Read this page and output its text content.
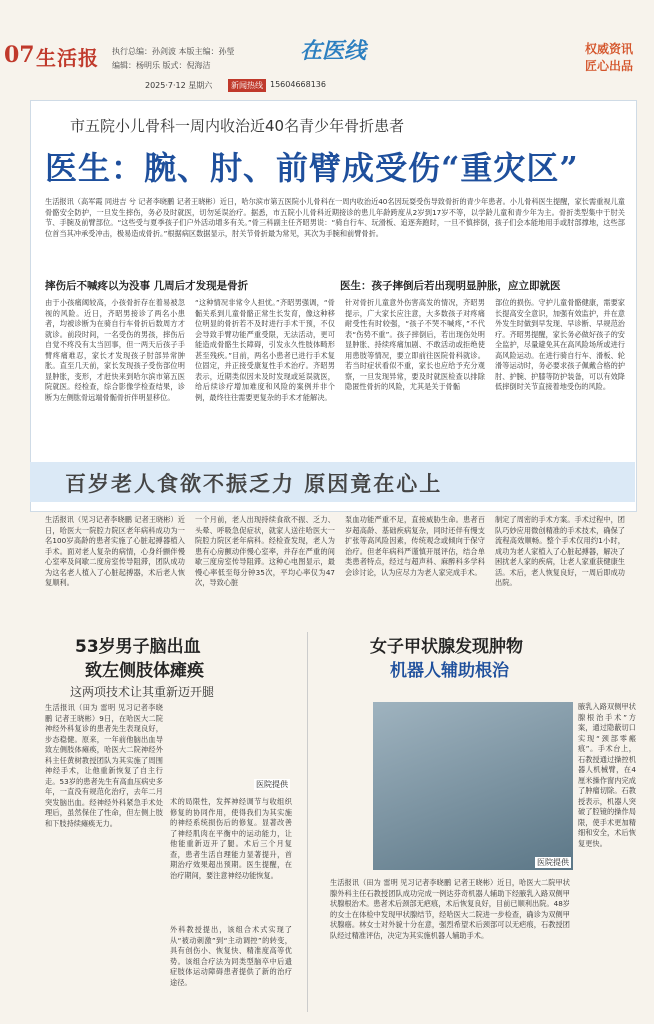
07 生活报 执行总编：孙剑波 本版主编：孙瑩
编辑：杨明乐 版式：倪海洁
在医线	权威资讯
匠心出品
2025·7·12 星期六	新闻热线 15604668136
市五院小儿骨科一周内收治近40名青少年骨折患者
医生：腕、肘、前臂成受伤“重灾区”
生活报讯（高军霞 同进吉 兮 记者李晓鹏 记者王晓彬）近日，哈尔滨市第五医院小儿骨科在一周内收治近40名因玩耍受伤导致骨折的青少年患者。小儿骨科医生提醒，家长需重视儿童骨骼安全防护，一旦发生摔伤，务必及时就医，切勿延误治疗。据悉，市五院小儿骨科近期接诊的患儿年龄跨度从2岁到17岁不等，以学龄儿童和青少年为主。骨折类型集中于肘关节、手腕及前臂部位。“这些受与夏季孩子们户外活动增多有关。”骨三科副主任齐昭男说：“骑自行车、玩滑板、追逐奔跑时，一旦不慎摔倒，孩子们会本能地用手或肘部撑地，这些部位首当其冲承受冲击，极易造成骨折。”根据病区数据显示，肘关节骨折最为常见，其次为手腕和前臂骨折。
摔伤后不喊疼以为没事 几周后才发现是骨折	医生：孩子摔倒后若出现明显肿胀，应立即就医
由于小孩痛阈较高，小孩骨折存在着易被忽视的风险。近日，齐昭男接诊了两名小患者，均被诊断为在骑自行车骨折后数周方才就诊。前段时间，一名受伤的男孩，摔伤后自觉不疼没有太当回事，但一两天后孩子手臂疼痛难忍，家长才发现孩子肘部异常肿胀。直至几天前，家长发现孩子受伤部位明显肿胀，变形，才赶快来到哈尔滨市第五医院就医。经检查，综合影像学检查结果，诊断为左侧肱骨远端骨骺骨折伴明显移位。
“这种情况非常令人担忧。”齐昭男强调，“骨骺关系到儿童骨骼正常生长发育，像这种移位明显的骨折若不及时进行手术干预，不仅会导致手臂功能严重受限，无法活动，更可能造成骨骼生长障碍，引发永久性肢体畸形甚至残疾。”目前，两名小患者已进行手术复位固定，并正接受康复性手术治疗。齐昭男表示，近期类似因未及时发现或延误就医，给后续诊疗增加难度和风险的案例并非个例，最终往往需要更复杂的手术才能解决。
针对骨折儿童意外伤害高发的情况，齐昭男提示，广大家长应注意，大多数孩子对疼痛耐受性有时较强，“孩子不哭不喊疼，”不代表“伤势不重”。孩子摔倒后，若出现伤处明显肿胀、持续疼痛加剧、不敢活动或拒绝使用患肢等情况，要立即前往医院骨科就诊。若当时症状看似不重，家长也应给予充分观察，一旦发现异常，要及时就医检查以排除隐匿性骨折的风险，尤其是关于骨骺
部位的损伤。守护儿童骨骼健康，需要家长提高安全意识，加强有效监护，并在意外发生时做到早发现、早诊断、早规范治疗。齐昭男提醒，家长务必做好孩子的安全监护，尽量避免其在高风险场所或进行高风险运动。在进行骑自行车、滑板、轮滑等运动时，务必要求孩子佩戴合格的护肘、护腕、护膝等防护装备，可以有效降低摔倒时关节直接着地受伤的风险。
百岁老人食欲不振乏力 原因竟在心上
生活报讯（见习记者李晓鹏 记者王晓彬）近日，哈医大一院腔力院区老年病科成功为一名100岁高龄的患者实施了心脏起搏器植入手术。面对老人复杂的病情，心身纤颤伴慢心室率及间歇二度房室传导阻滞，团队成功为这名老人植入了心脏起搏器，术后老人恢复顺利。
一个月前，老人出现持续食欲不振、乏力、头晕、呼吸急促症状，就家人送往哈医大一院腔力院区老年病科。经检查发现，老人为患有心房颤动伴慢心室率，并存在严重的间歇三度房室传导阻滞。这种心电图显示，最慢心率低至每分钟35次，平均心率仅为47次，导致心脏
泵血功能严重不足，直接威胁生命。患者百岁超高龄、基础疾病复杂，同时还伴有慢支扩张等高风险因素，传统观念或倾向于保守治疗。但老年病科严谨慎开展评估，结合单类患者特点，经过与超声科、麻醉科多学科会诊讨论，认为应尽力为老人家完成手术。
制定了周密的手术方案。手术过程中，团队巧妙应用微创精准的手术技术，确保了流程高效顺畅。整个手术仅用约1小时，成功为老人家植入了心脏起搏器，解决了困扰老人家的疾病，让老人家重获健康生活。术后，老人恢复良好，一周后即成功出院。
53岁男子脑出血
致左侧肢体瘫痪
这两项技术让其重新迈开腿
医院提供
生活报讯（田为 雷明 见习记者李晓鹏 记者王晓彬）9日，在哈医大二院神经外科复诊的患者先生表现良好，步态稳健。原来，一年前他脑出血导致左侧肢体瘫痪，哈医大二院神经外科主任黄树教授团队为其实施了周围神经手术，让他重新恢复了自主行走。53岁的患者先生有高血压病史多年，一直没有规范化治疗，去年二月突发脑出血。经神经外科紧急手术处理后，虽然保住了性命，但左侧上肢和下肢持续瘫痪无力。
术的局限性，发挥神经调节与收组织修复的协同作用，使得我们为其实施的神经系统损伤后的修复。显著改善了神经肌肉在平衡中的运动能力，让他能重新迈开了腿。术后三个月复查，患者生活自理能力显著提升，首期治疗效果超出预期。医生提醒，在治疗期间，要注意神经功能恢复。
外科教授提出，该组合术式实现了从“被动刺激”到“主动调控”的转变，具有创伤小、恢复快、精准度高等优势。该组合疗法为同类型脑卒中后遗症肢体运动障碍患者提供了新的治疗途径。
女子甲状腺发现肿物
机器人辅助根治
医院提供
腋乳入路双侧甲状腺根治手术”方案，通过隐蔽切口实现“颈部零瘢痕”。手术台上，石教授通过操控机器人机械臂，在4厘米操作窗内完成了肿瘤切除。石教授表示，机器人突破了腔镜的操作局限，使手术更加精细和安全，术后恢复更快。
生活报讯（田为 雷明 见习记者李晓鹏 记者王晓彬）近日，哈医大二院甲状腺外科主任石教授团队成功完成一例达芬奇机器人辅助下经腋乳入路双侧甲状腺根治术。患者术后颈部无疤痕，术后恢复良好，目前已顺利出院。48岁的女士在体检中发现甲状腺结节，经哈医大二院进一步检查，确诊为双侧甲状腺癌。林女士对外貌十分在意，强烈希望术后颈部可以无疤痕，石教授团队经过精准评估，决定为其实施机器人辅助手术。
